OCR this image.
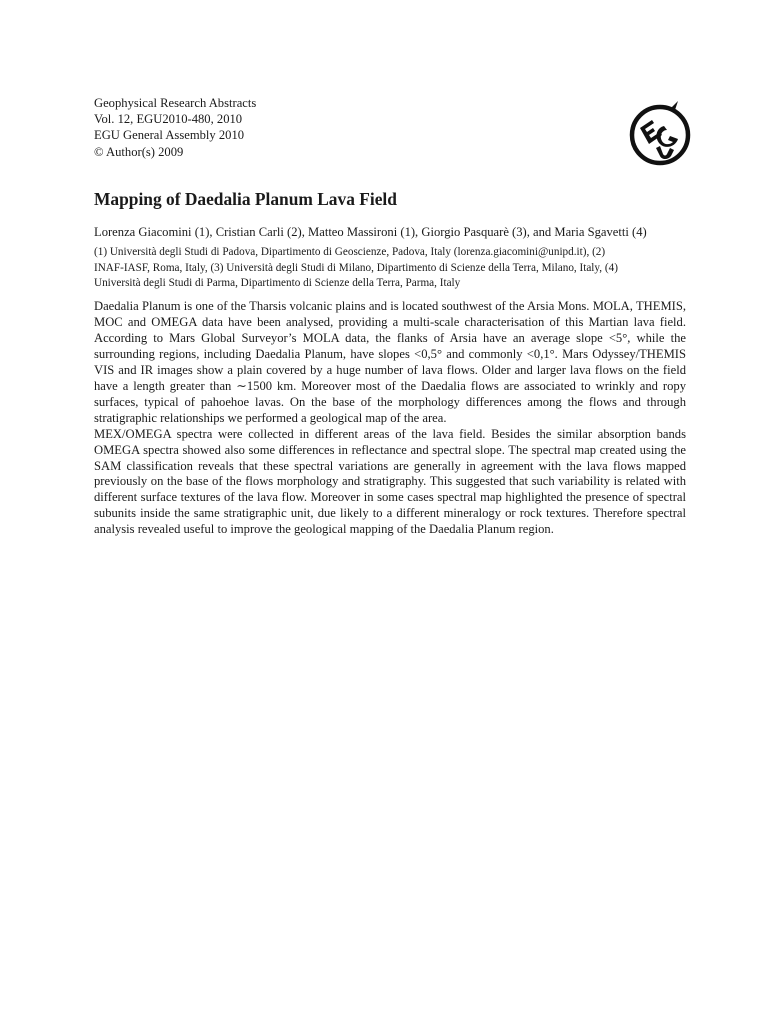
Geophysical Research Abstracts
Vol. 12, EGU2010-480, 2010
EGU General Assembly 2010
© Author(s) 2009
Mapping of Daedalia Planum Lava Field
Lorenza Giacomini (1), Cristian Carli (2), Matteo Massironi (1), Giorgio Pasquarè (3), and Maria Sgavetti (4)
(1) Università degli Studi di Padova, Dipartimento di Geoscienze, Padova, Italy (lorenza.giacomini@unipd.it), (2)
INAF-IASF, Roma, Italy, (3) Università degli Studi di Milano, Dipartimento di Scienze della Terra, Milano, Italy, (4)
Università degli Studi di Parma, Dipartimento di Scienze della Terra, Parma, Italy

Daedalia Planum is one of the Tharsis volcanic plains and is located southwest of the Arsia Mons. MOLA, THEMIS, MOC and OMEGA data have been analysed, providing a multi-scale characterisation of this Martian lava field. According to Mars Global Surveyor’s MOLA data, the flanks of Arsia have an average slope <5°, while the surrounding regions, including Daedalia Planum, have slopes <0,5° and commonly <0,1°. Mars Odyssey/THEMIS VIS and IR images show a plain covered by a huge number of lava flows. Older and larger lava flows on the field have a length greater than ∼1500 km. Moreover most of the Daedalia flows are associated to wrinkly and ropy surfaces, typical of pahoehoe lavas. On the base of the morphology differences among the flows and through stratigraphic relationships we performed a geological map of the area.

MEX/OMEGA spectra were collected in different areas of the lava field. Besides the similar absorption bands OMEGA spectra showed also some differences in reflectance and spectral slope. The spectral map created using the SAM classification reveals that these spectral variations are generally in agreement with the lava flows mapped previously on the base of the flows morphology and stratigraphy. This suggested that such variability is related with different surface textures of the lava flow. Moreover in some cases spectral map highlighted the presence of spectral subunits inside the same stratigraphic unit, due likely to a different mineralogy or rock textures. Therefore spectral analysis revealed useful to improve the geological mapping of the Daedalia Planum region.
